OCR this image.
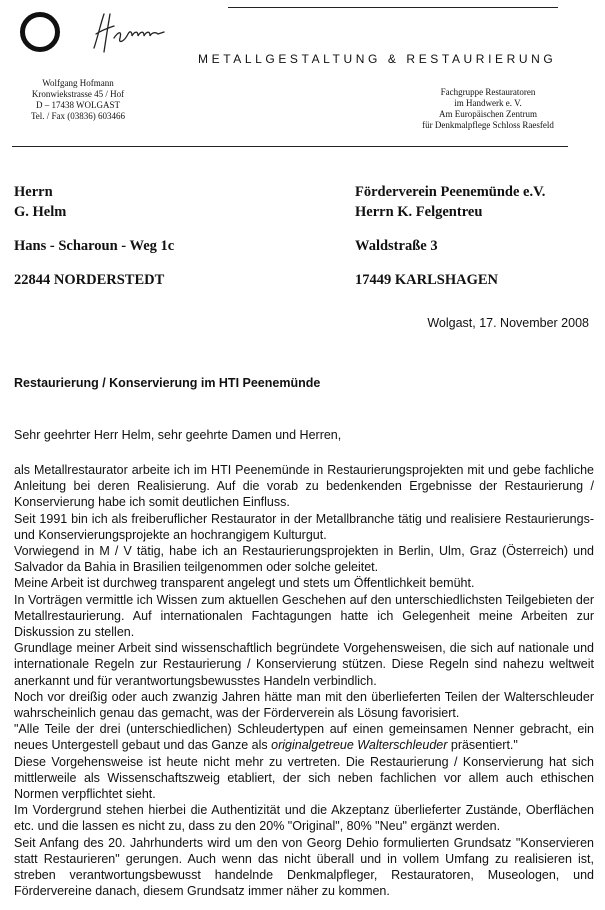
METALLGESTALTUNG & RESTAURIERUNG
Wolfgang Hofmann
Kronwiekstrasse 45 / Hof
D – 17438 WOLGAST
Tel. / Fax (03836) 603466
Fachgruppe Restauratoren
im Handwerk e. V.
Am Europäischen Zentrum
für Denkmalpflege Schloss Raesfeld
Herrn
G. Helm
Hans - Scharoun - Weg 1c
22844 NORDERSTEDT
Förderverein Peenemünde e.V.
Herrn K. Felgentreu
Waldstraße 3
17449 KARLSHAGEN
Wolgast, 17. November 2008
Restaurierung / Konservierung im HTI Peenemünde
Sehr geehrter Herr Helm, sehr geehrte Damen und Herren,

als Metallrestaurator arbeite ich im HTI Peenemünde in Restaurierungsprojekten mit und gebe fachliche Anleitung bei deren Realisierung. Auf die vorab zu bedenkenden Ergebnisse der Restaurierung / Konservierung habe ich somit deutlichen Einfluss.

Seit 1991 bin ich als freiberuflicher Restaurator in der Metallbranche tätig und realisiere Restaurierungs- und Konservierungsprojekte an hochrangigem Kulturgut.

Vorwiegend in M / V tätig, habe ich an Restaurierungsprojekten in Berlin, Ulm, Graz (Österreich) und Salvador da Bahia in Brasilien teilgenommen oder solche geleitet.

Meine Arbeit ist durchweg transparent angelegt und stets um Öffentlichkeit bemüht.

In Vorträgen vermittle ich Wissen zum aktuellen Geschehen auf den unterschiedlichsten Teilgebieten der Metallrestaurierung. Auf internationalen Fachtagungen hatte ich Gelegenheit meine Arbeiten zur Diskussion zu stellen.

Grundlage meiner Arbeit sind wissenschaftlich begründete Vorgehensweisen, die sich auf nationale und internationale Regeln zur Restaurierung / Konservierung stützen. Diese Regeln sind nahezu weltweit anerkannt und für verantwortungsbewusstes Handeln verbindlich.

Noch vor dreißig oder auch zwanzig Jahren hätte man mit den überlieferten Teilen der Walterschleuder wahrscheinlich genau das gemacht, was der Förderverein als Lösung favorisiert.

"Alle Teile der drei (unterschiedlichen) Schleudertypen auf einen gemeinsamen Nenner gebracht, ein neues Untergestell gebaut und das Ganze als originalgetreue Walterschleuder präsentiert."

Diese Vorgehensweise ist heute nicht mehr zu vertreten. Die Restaurierung / Konservierung hat sich mittlerweile als Wissenschaftszweig etabliert, der sich neben fachlichen vor allem auch ethischen Normen verpflichtet sieht.

Im Vordergrund stehen hierbei die Authentizität und die Akzeptanz überlieferter Zustände, Oberflächen etc. und die lassen es nicht zu, dass zu den 20% "Original", 80% "Neu" ergänzt werden.

Seit Anfang des 20. Jahrhunderts wird um den von Georg Dehio formulierten Grundsatz "Konservieren statt Restaurieren" gerungen. Auch wenn das nicht überall und in vollem Umfang zu realisieren ist, streben verantwortungsbewusst handelnde Denkmalpfleger, Restauratoren, Museologen, und Fördervereine danach, diesem Grundsatz immer näher zu kommen.
